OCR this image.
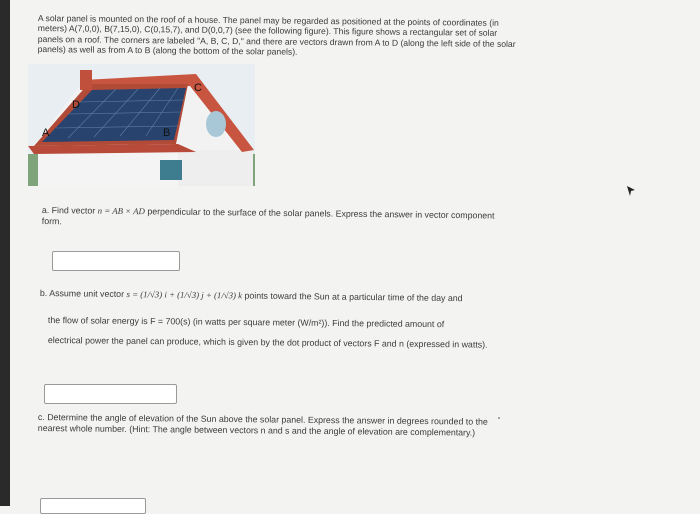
A solar panel is mounted on the roof of a house. The panel may be regarded as positioned at the points of coordinates (in meters) A(7,0,0), B(7,15,0), C(0,15,7), and D(0,0,7) (see the following figure). This figure shows a rectangular set of solar panels on a roof. The corners are labeled "A, B, C, D," and there are vectors drawn from A to D (along the left side of the solar panels) as well as from A to B (along the bottom of the solar panels).
A	B
C
D
a. Find vector n = AB × AD perpendicular to the surface of the solar panels. Express the answer in vector component form.
b. Assume unit vector s = (1/√3) i + (1/√3) j + (1/√3) k points toward the Sun at a particular time of the day and
the flow of solar energy is F = 700(s) (in watts per square meter (W/m²)). Find the predicted amount of
electrical power the panel can produce, which is given by the dot product of vectors F and n (expressed in watts).
c. Determine the angle of elevation of the Sun above the solar panel. Express the answer in degrees rounded to the nearest whole number. (Hint: The angle between vectors n and s and the angle of elevation are complementary.)
